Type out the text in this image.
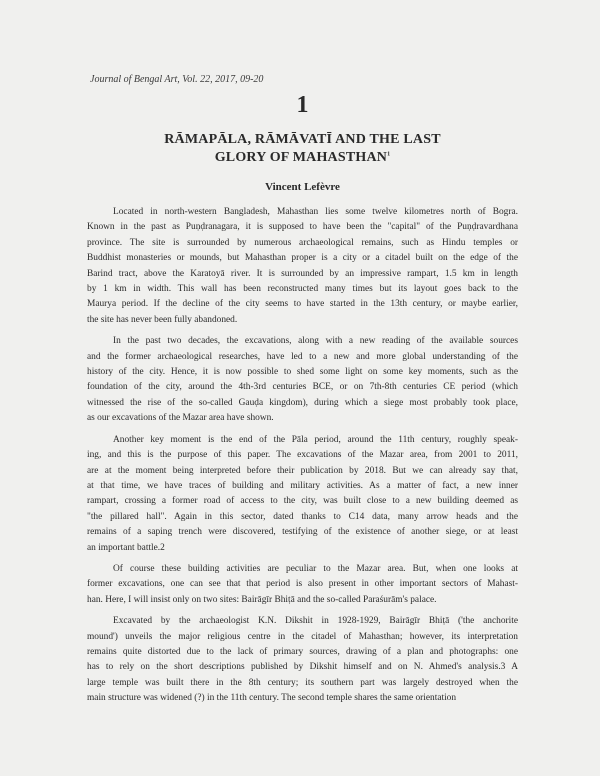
Journal of Bengal Art, Vol. 22, 2017, 09-20
1
RĀMAPĀLA, RĀMĀVATĪ AND THE LAST
GLORY OF MAHASTHAN$^1$
Vincent Lefèvre
Located in north-western Bangladesh, Mahasthan lies some twelve kilometres north of Bogra.
Known in the past as Puṇḍranagara, it is supposed to have been the "capital" of the Puṇḍravardhana
province. The site is surrounded by numerous archaeological remains, such as Hindu temples or
Buddhist monasteries or mounds, but Mahasthan proper is a city or a citadel built on the edge of the
Barind tract, above the Karatoyā river. It is surrounded by an impressive rampart, 1.5 km in length
by 1 km in width. This wall has been reconstructed many times but its layout goes back to the
Maurya period. If the decline of the city seems to have started in the 13th century, or maybe earlier,
the site has never been fully abandoned.
In the past two decades, the excavations, along with a new reading of the available sources
and the former archaeological researches, have led to a new and more global understanding of the
history of the city. Hence, it is now possible to shed some light on some key moments, such as the
foundation of the city, around the 4th-3rd centuries BCE, or on 7th-8th centuries CE period (which
witnessed the rise of the so-called Gauḍa kingdom), during which a siege most probably took place,
as our excavations of the Mazar area have shown.
Another key moment is the end of the Pāla period, around the 11th century, roughly speak-
ing, and this is the purpose of this paper. The excavations of the Mazar area, from 2001 to 2011,
are at the moment being interpreted before their publication by 2018. But we can already say that,
at that time, we have traces of building and military activities. As a matter of fact, a new inner
rampart, crossing a former road of access to the city, was built close to a new building deemed as
"the pillared hall". Again in this sector, dated thanks to C14 data, many arrow heads and the
remains of a saping trench were discovered, testifying of the existence of another siege, or at least
an important battle.2
Of course these building activities are peculiar to the Mazar area. But, when one looks at
former excavations, one can see that that period is also present in other important sectors of Mahast-
han. Here, I will insist only on two sites: Bairāgīr Bhiṭā and the so-called Paraśurām's palace.
Excavated by the archaeologist K.N. Dikshit in 1928-1929, Bairāgīr Bhiṭā ('the anchorite
mound') unveils the major religious centre in the citadel of Mahasthan; however, its interpretation
remains quite distorted due to the lack of primary sources, drawing of a plan and photographs: one
has to rely on the short descriptions published by Dikshit himself and on N. Ahmed's analysis.3 A
large temple was built there in the 8th century; its southern part was largely destroyed when the
main structure was widened (?) in the 11th century. The second temple shares the same orientation
